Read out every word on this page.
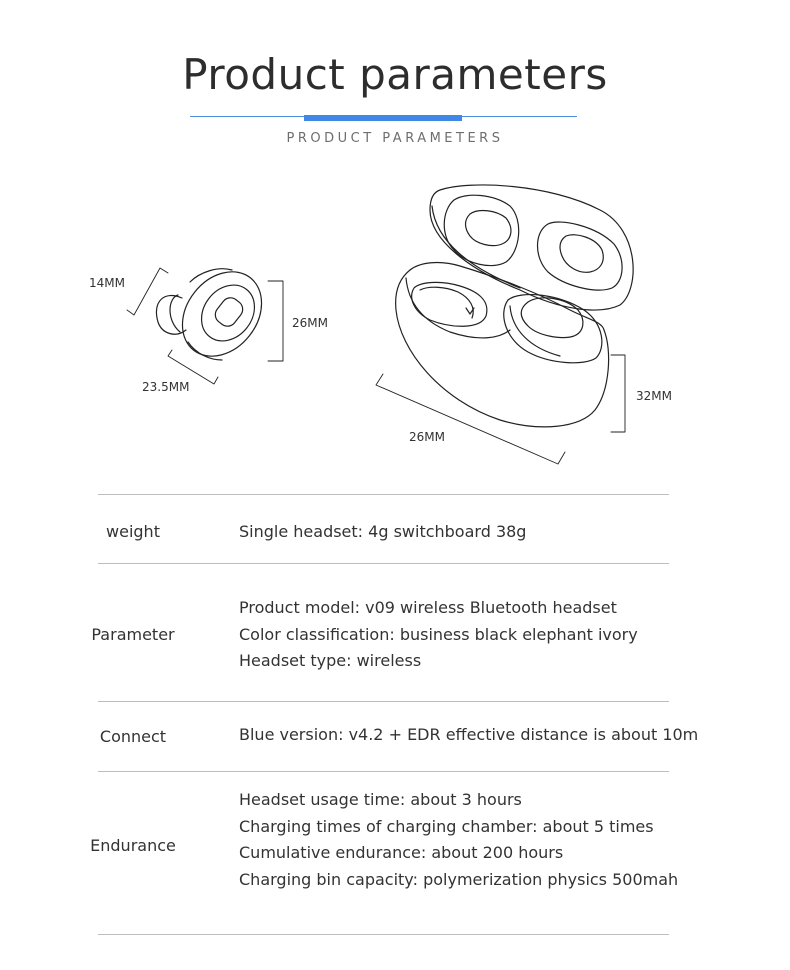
Product parameters
PRODUCT PARAMETERS
14MM
26MM
23.5MM
32MM
26MM
weight	Single headset: 4g switchboard 38g
Parameter
Product model: v09 wireless Bluetooth headset
Color classification: business black elephant ivory
Headset type: wireless
Connect	Blue version: v4.2 + EDR effective distance is about 10m
Endurance
Headset usage time: about 3 hours
Charging times of charging chamber: about 5 times
Cumulative endurance: about 200 hours
Charging bin capacity: polymerization physics 500mah
